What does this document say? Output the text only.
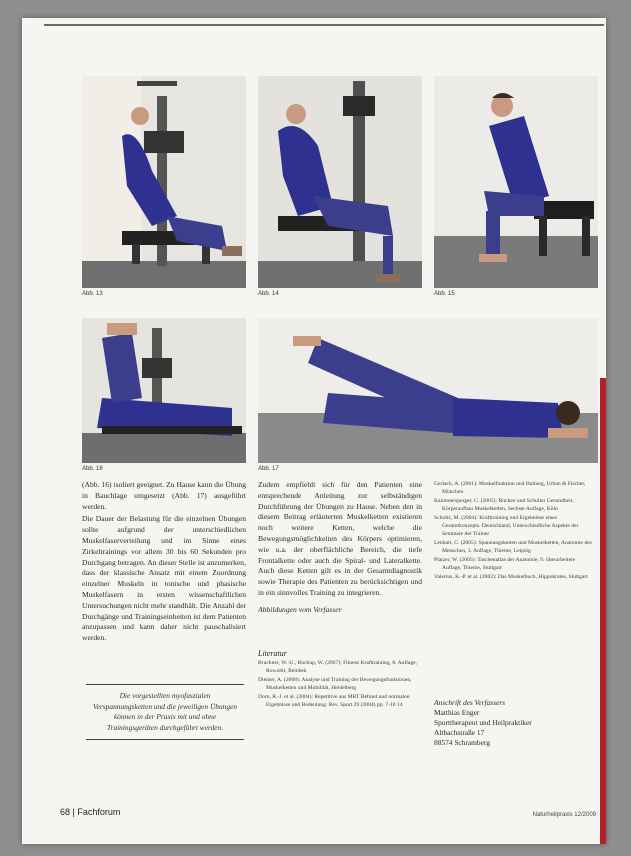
Abb. 13	Abb. 14	Abb. 15
Abb. 16	Abb. 17

(Abb. 16) isoliert geeignet. Zu Hause kann die Übung in Bauchlage umgesetzt (Abb. 17) ausgeführt werden.

Die Dauer der Belastung für die einzelnen Übungen sollte aufgrund der unterschiedlichen Muskelfaserverteilung und im Sinne eines Zirkeltrainings vor allem 30 bis 60 Sekunden pro Durchgang betragen. An dieser Stelle ist anzumerken, dass der klassische Ansatz mit einem Zuordnung einzelner Muskeln in tonische und phasische Muskelfasern in ersten wissenschaftlichen Untersuchungen nicht mehr standhält. Die Anzahl der Durchgänge und Trainingseinheiten ist dem Patienten anzupassen und kann daher nicht pauschalisiert werden.

Die vorgestellten myofaszialen Verspannungsketten und die jeweiligen Übungen können in der Praxis mit und ohne Trainingsgeräten durchgeführt werden.

Zudem empfiehlt sich für den Patienten eine entsprechende Anleitung zur selbständigen Durchführung der Übungen zu Hause. Neben den in diesem Beitrag erläuterten Muskelketten existieren noch weitere Ketten, welche die Bewegungsmöglichkeiten des Körpers optimieren, wie u.a. der oberflächliche Bereich, die tiefe Frontalkette oder auch die Spiral- und Lateralkette. Auch diese Ketten gilt es in der Gesamtdiagnostik sowie Therapie des Patienten zu berücksichtigen und in ein sinnvolles Training zu integrieren.

Abbildungen vom Verfasser

Literatur

Bruckner, W.-U., Buckup, W. (2007): Fitness Krafttraining, 8. Auflage, Rowohlt, Reinbek

Diemer, A. (2008): Analyse und Training der Bewegungsfunktionen, Muskelketten und Mobilität, Heidelberg

Dorn, R.-J. et al. (2004): Repetitive aus MRT Befund und normalen Ergebnisse und Bedeutung. Rev. Sport 29 (2004) pp. 7-10 14

Gerlach, A. (2001): Muskelfunktion und Haltung, Urban & Fischer, München

Kaimmersperger, C. (2005): Rücken und Schulter Gesundheit, Körperaufbau Muskelketten, Sechste Auflage, Köln

Schultz, M. (2004): Krafttraining und Ergebnisse eines Gesamtkonzepts. Deutschland, Unterschiedliche Aspekte der Seminare der Trainer

Lenhart, C. (2005): Spannungsketten und Muskelketten, Anatomie des Menschen, 3. Auflage, Thieme, Leipzig

Platzer, W. (2005): Taschenatlas der Anatomie, 9. überarbeitete Auflage, Thieme, Stuttgart

Valerius, K.-P. et al. (2002): Das Muskelbuch, Hippokrates, Stuttgart

Anschrift des Verfassers
Matthias Enger
Sporttherapeut und Heilpraktiker
Altbachstraße 17
88574 Schramberg
68 | Fachforum	Naturheilpraxis 12/2009
